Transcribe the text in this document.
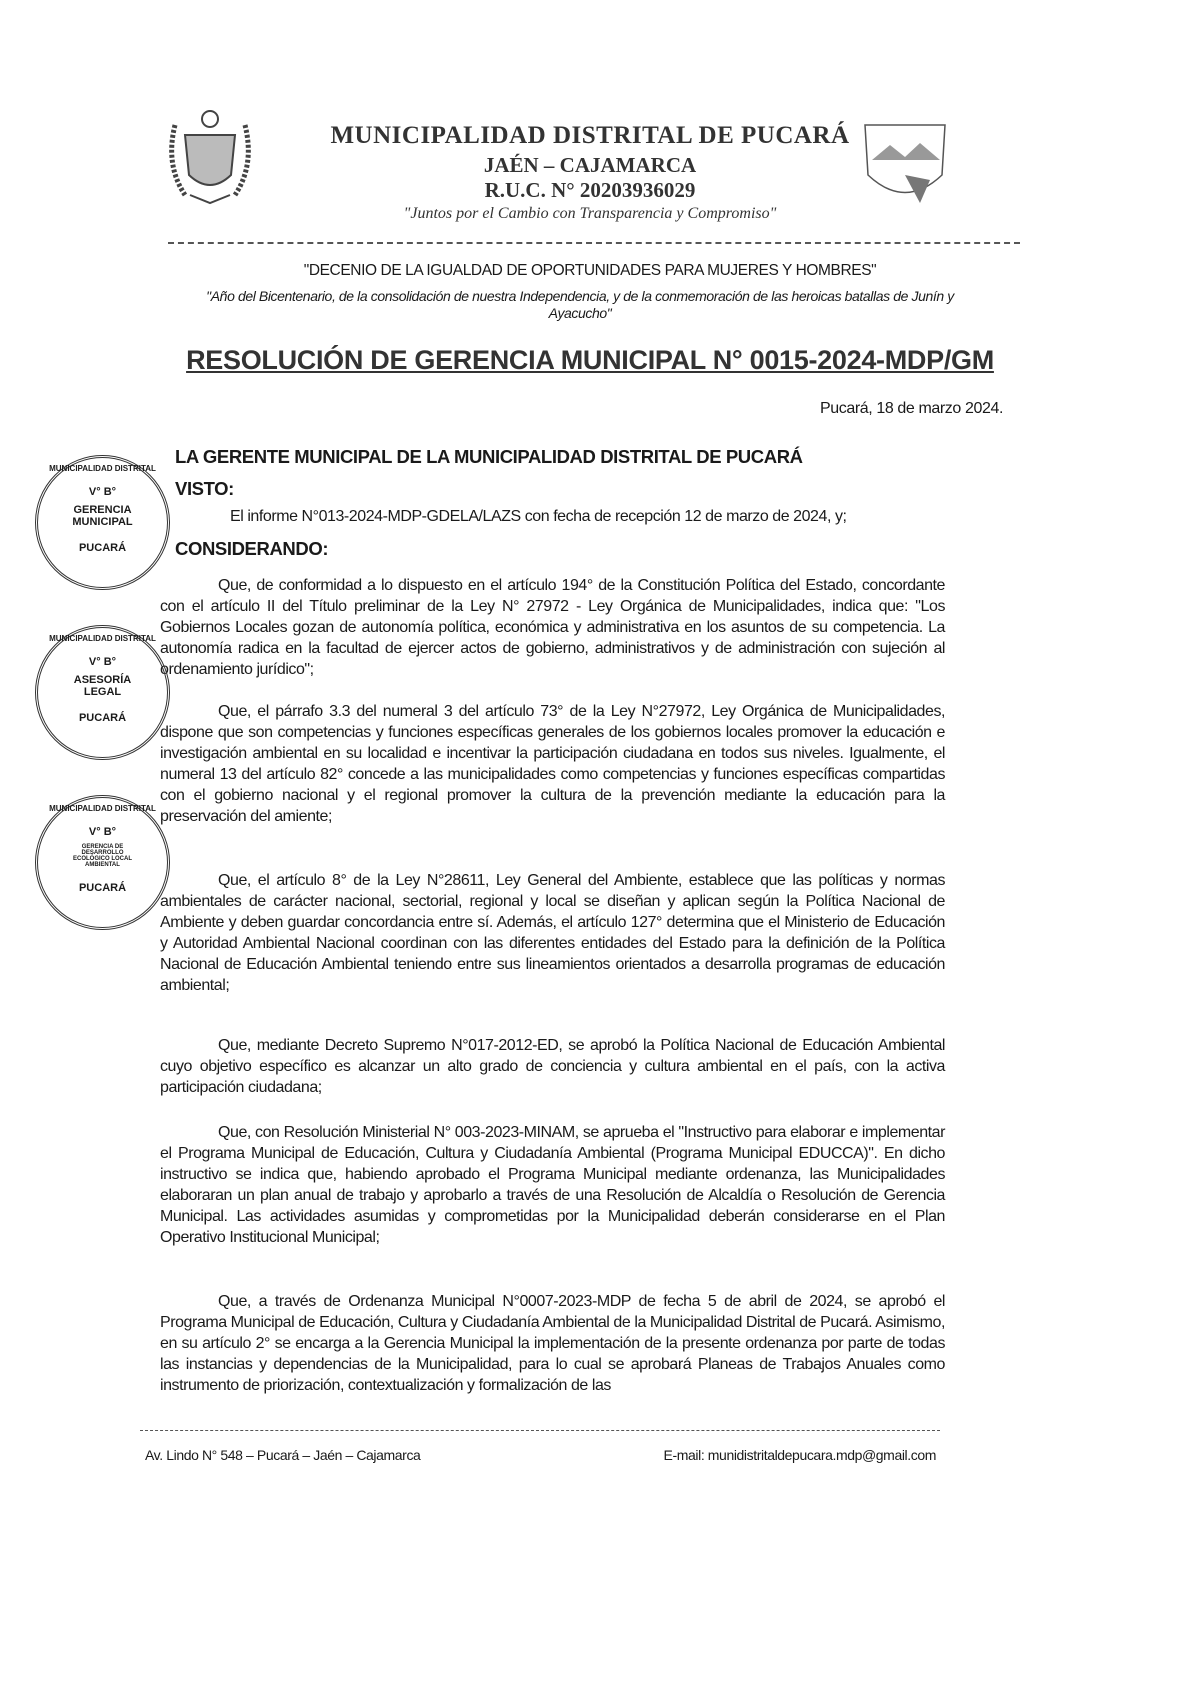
MUNICIPALIDAD DISTRITAL DE PUCARÁ
JAÉN – CAJAMARCA
R.U.C. N° 20203936029
"Juntos por el Cambio con Transparencia y Compromiso"
"DECENIO DE LA IGUALDAD DE OPORTUNIDADES PARA MUJERES Y HOMBRES"
"Año del Bicentenario, de la consolidación de nuestra Independencia, y de la conmemoración de las heroicas batallas de Junín y Ayacucho"
RESOLUCIÓN DE GERENCIA MUNICIPAL N° 0015-2024-MDP/GM
Pucará, 18 de marzo 2024.
LA GERENTE MUNICIPAL DE LA MUNICIPALIDAD DISTRITAL DE PUCARÁ
VISTO:
El informe N°013-2024-MDP-GDELA/LAZS con fecha de recepción 12 de marzo de 2024, y;
CONSIDERANDO:

Que, de conformidad a lo dispuesto en el artículo 194° de la Constitución Política del Estado, concordante con el artículo II del Título preliminar de la Ley N° 27972 - Ley Orgánica de Municipalidades, indica que: "Los Gobiernos Locales gozan de autonomía política, económica y administrativa en los asuntos de su competencia. La autonomía radica en la facultad de ejercer actos de gobierno, administrativos y de administración con sujeción al ordenamiento jurídico";

Que, el párrafo 3.3 del numeral 3 del artículo 73° de la Ley N°27972, Ley Orgánica de Municipalidades, dispone que son competencias y funciones específicas generales de los gobiernos locales promover la educación e investigación ambiental en su localidad e incentivar la participación ciudadana en todos sus niveles. Igualmente, el numeral 13 del artículo 82° concede a las municipalidades como competencias y funciones específicas compartidas con el gobierno nacional y el regional promover la cultura de la prevención mediante la educación para la preservación del amiente;

Que, el artículo 8° de la Ley N°28611, Ley General del Ambiente, establece que las políticas y normas ambientales de carácter nacional, sectorial, regional y local se diseñan y aplican según la Política Nacional de Ambiente y deben guardar concordancia entre sí. Además, el artículo 127° determina que el Ministerio de Educación y Autoridad Ambiental Nacional coordinan con las diferentes entidades del Estado para la definición de la Política Nacional de Educación Ambiental teniendo entre sus lineamientos orientados a desarrolla programas de educación ambiental;

Que, mediante Decreto Supremo N°017-2012-ED, se aprobó la Política Nacional de Educación Ambiental cuyo objetivo específico es alcanzar un alto grado de conciencia y cultura ambiental en el país, con la activa participación ciudadana;

Que, con Resolución Ministerial N° 003-2023-MINAM, se aprueba el "Instructivo para elaborar e implementar el Programa Municipal de Educación, Cultura y Ciudadanía Ambiental (Programa Municipal EDUCCA)". En dicho instructivo se indica que, habiendo aprobado el Programa Municipal mediante ordenanza, las Municipalidades elaboraran un plan anual de trabajo y aprobarlo a través de una Resolución de Alcaldía o Resolución de Gerencia Municipal. Las actividades asumidas y comprometidas por la Municipalidad deberán considerarse en el Plan Operativo Institucional Municipal;

Que, a través de Ordenanza Municipal N°0007-2023-MDP de fecha 5 de abril de 2024, se aprobó el Programa Municipal de Educación, Cultura y Ciudadanía Ambiental de la Municipalidad Distrital de Pucará. Asimismo, en su artículo 2° se encarga a la Gerencia Municipal la implementación de la presente ordenanza por parte de todas las instancias y dependencias de la Municipalidad, para lo cual se aprobará Planeas de Trabajos Anuales como instrumento de priorización, contextualización y formalización de las

V° B°
GERENCIA MUNICIPAL
PUCARÁ
MUNICIPALIDAD DISTRITAL
V° B°
ASESORÍA LEGAL
PUCARÁ
MUNICIPALIDAD DISTRITAL
V° B°
GERENCIA DE DESARROLLO ECOLÓGICO LOCAL AMBIENTAL
PUCARÁ
MUNICIPALIDAD DISTRITAL
Av. Lindo N° 548 – Pucará – Jaén – Cajamarca	E-mail: munidistritaldepucara.mdp@gmail.com
